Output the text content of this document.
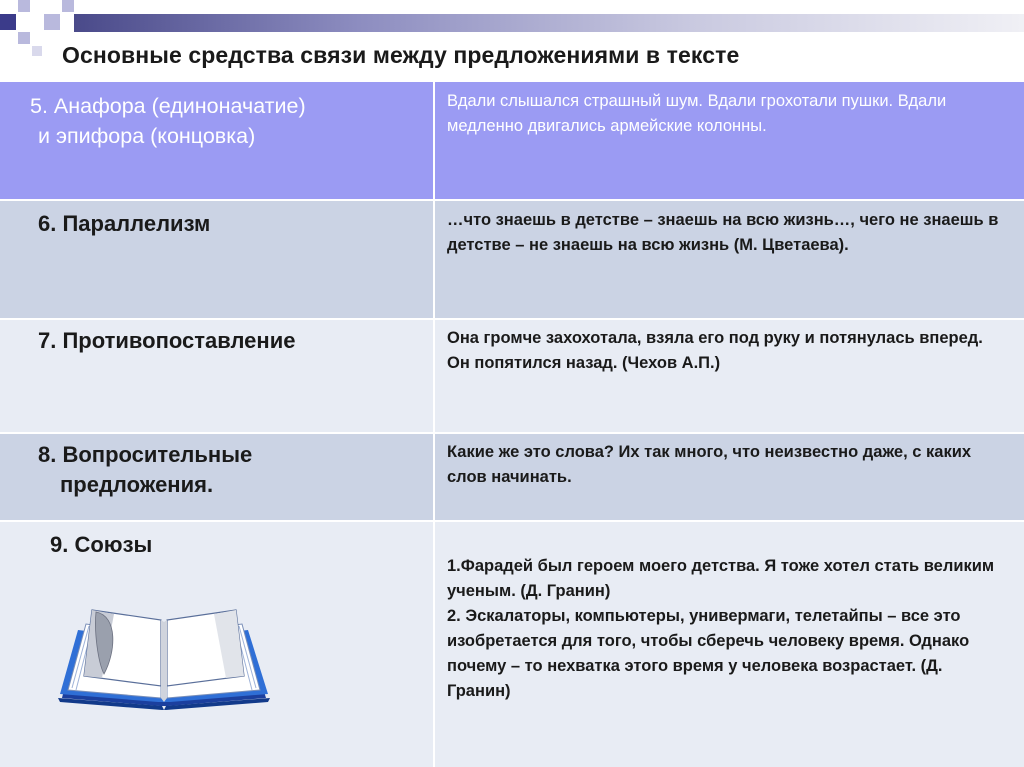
Основные средства связи между предложениями в тексте
5. Анафора (единоначатие)
и эпифора (концовка)
Вдали слышался страшный шум. Вдали грохотали пушки. Вдали медленно двигались армейские колонны.
6. Параллелизм	…что знаешь в детстве – знаешь на всю жизнь…, чего не знаешь в детстве – не знаешь на всю жизнь (М. Цветаева).
7. Противопоставление	Она громче захохотала, взяла его под руку и потянулась вперед. Он попятился назад. (Чехов А.П.)
8. Вопросительные
предложения.
Какие же это слова? Их так много, что неизвестно даже, с каких слов начинать.
9. Союзы
1.Фарадей был героем моего детства. Я тоже хотел стать великим ученым. (Д. Гранин)
2. Эскалаторы, компьютеры, универмаги, телетайпы – все это изобретается для того, чтобы сберечь человеку время. Однако почему – то нехватка этого время у человека возрастает. (Д. Гранин)
